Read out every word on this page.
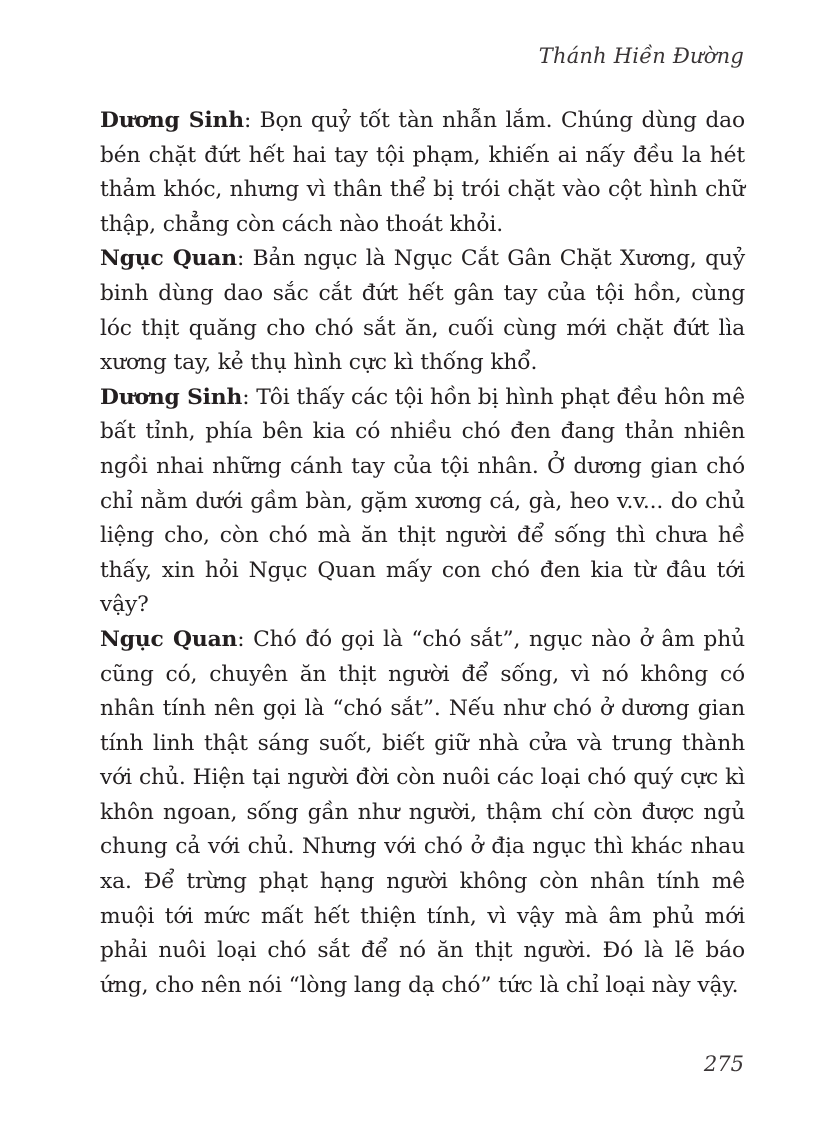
Thánh Hiền Đường

Dương Sinh: Bọn quỷ tốt tàn nhẫn lắm. Chúng dùng dao bén chặt đứt hết hai tay tội phạm, khiến ai nấy đều la hét thảm khóc, nhưng vì thân thể bị trói chặt vào cột hình chữ thập, chẳng còn cách nào thoát khỏi.

Ngục Quan: Bản ngục là Ngục Cắt Gân Chặt Xương, quỷ binh dùng dao sắc cắt đứt hết gân tay của tội hồn, cùng lóc thịt quăng cho chó sắt ăn, cuối cùng mới chặt đứt lìa xương tay, kẻ thụ hình cực kì thống khổ.

Dương Sinh: Tôi thấy các tội hồn bị hình phạt đều hôn mê bất tỉnh, phía bên kia có nhiều chó đen đang thản nhiên ngồi nhai những cánh tay của tội nhân. Ở dương gian chó chỉ nằm dưới gầm bàn, gặm xương cá, gà, heo v.v... do chủ liệng cho, còn chó mà ăn thịt người để sống thì chưa hề thấy, xin hỏi Ngục Quan mấy con chó đen kia từ đâu tới vậy?

Ngục Quan: Chó đó gọi là “chó sắt”, ngục nào ở âm phủ cũng có, chuyên ăn thịt người để sống, vì nó không có nhân tính nên gọi là “chó sắt”. Nếu như chó ở dương gian tính linh thật sáng suốt, biết giữ nhà cửa và trung thành với chủ. Hiện tại người đời còn nuôi các loại chó quý cực kì khôn ngoan, sống gần như người, thậm chí còn được ngủ chung cả với chủ. Nhưng với chó ở địa ngục thì khác nhau xa. Để trừng phạt hạng người không còn nhân tính mê muội tới mức mất hết thiện tính, vì vậy mà âm phủ mới phải nuôi loại chó sắt để nó ăn thịt người. Đó là lẽ báo ứng, cho nên nói “lòng lang dạ chó” tức là chỉ loại này vậy.

275
